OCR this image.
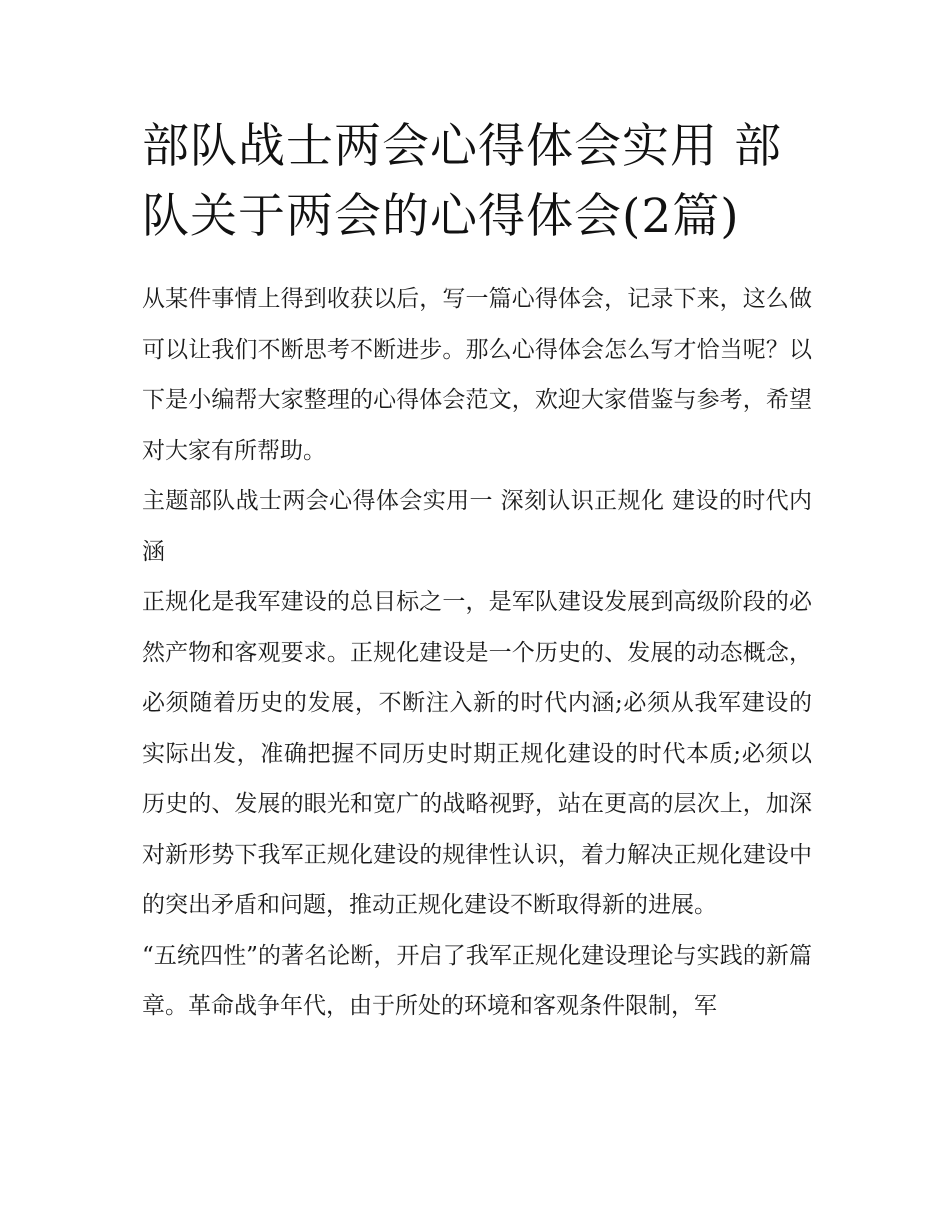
部队战士两会心得体会实用 部队关于两会的心得体会(2篇)

从某件事情上得到收获以后，写一篇心得体会，记录下来，这么做可以让我们不断思考不断进步。那么心得体会怎么写才恰当呢？以下是小编帮大家整理的心得体会范文，欢迎大家借鉴与参考，希望对大家有所帮助。

主题部队战士两会心得体会实用一 深刻认识正规化 建设的时代内涵

正规化是我军建设的总目标之一，是军队建设发展到高级阶段的必然产物和客观要求。正规化建设是一个历史的、发展的动态概念，必须随着历史的发展，不断注入新的时代内涵;必须从我军建设的实际出发，准确把握不同历史时期正规化建设的时代本质;必须以历史的、发展的眼光和宽广的战略视野，站在更高的层次上，加深对新形势下我军正规化建设的规律性认识，着力解决正规化建设中的突出矛盾和问题，推动正规化建设不断取得新的进展。

“五统四性”的著名论断，开启了我军正规化建设理论与实践的新篇章。革命战争年代，由于所处的环境和客观条件限制，军
